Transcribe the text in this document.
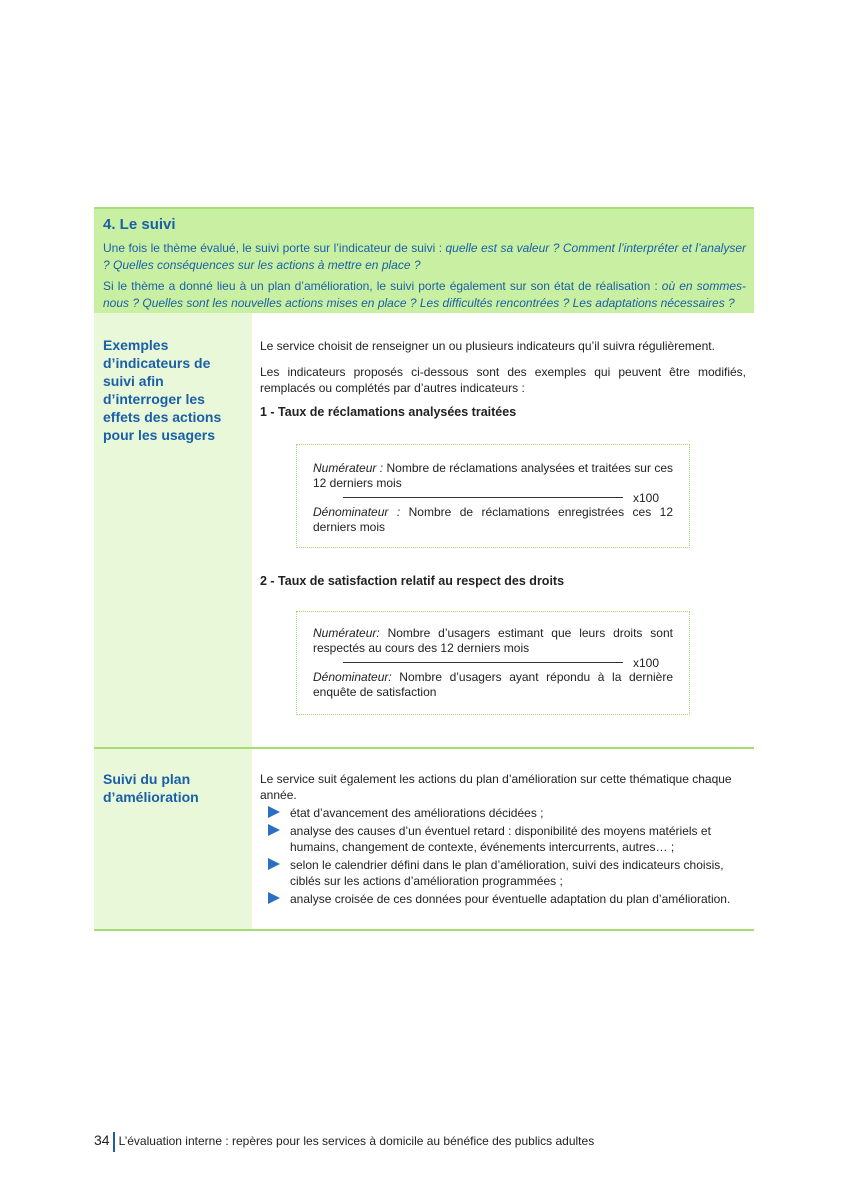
4. Le suivi

Une fois le thème évalué, le suivi porte sur l’indicateur de suivi : quelle est sa valeur ? Comment l’interpréter et l’analyser ? Quelles conséquences sur les actions à mettre en place ?

Si le thème a donné lieu à un plan d’amélioration, le suivi porte également sur son état de réalisation : où en sommes-nous ? Quelles sont les nouvelles actions mises en place ? Les difficultés rencontrées ? Les adaptations nécessaires ?

Exemples d’indicateurs de suivi afin d’interroger les effets des actions pour les usagers

Le service choisit de renseigner un ou plusieurs indicateurs qu’il suivra régulièrement.

Les indicateurs proposés ci-dessous sont des exemples qui peuvent être modifiés, remplacés ou complétés par d’autres indicateurs :

1 - Taux de réclamations analysées traitées

Numérateur : Nombre de réclamations analysées et traitées sur ces 12 derniers mois
x100
Dénominateur : Nombre de réclamations enregistrées ces 12 derniers mois

2 - Taux de satisfaction relatif au respect des droits

Numérateur: Nombre d’usagers estimant que leurs droits sont respectés au cours des 12 derniers mois
x100
Dénominateur: Nombre d’usagers ayant répondu à la dernière enquête de satisfaction
Suivi du plan d’amélioration

Le service suit également les actions du plan d’amélioration sur cette thématique chaque année.

état d’avancement des améliorations décidées ;
analyse des causes d’un éventuel retard : disponibilité des moyens matériels et humains, changement de contexte, événements intercurrents, autres… ;
selon le calendrier défini dans le plan d’amélioration, suivi des indicateurs choisis, ciblés sur les actions d’amélioration programmées ;
analyse croisée de ces données pour éventuelle adaptation du plan d’amélioration.
34 L’évaluation interne : repères pour les services à domicile au bénéfice des publics adultes
